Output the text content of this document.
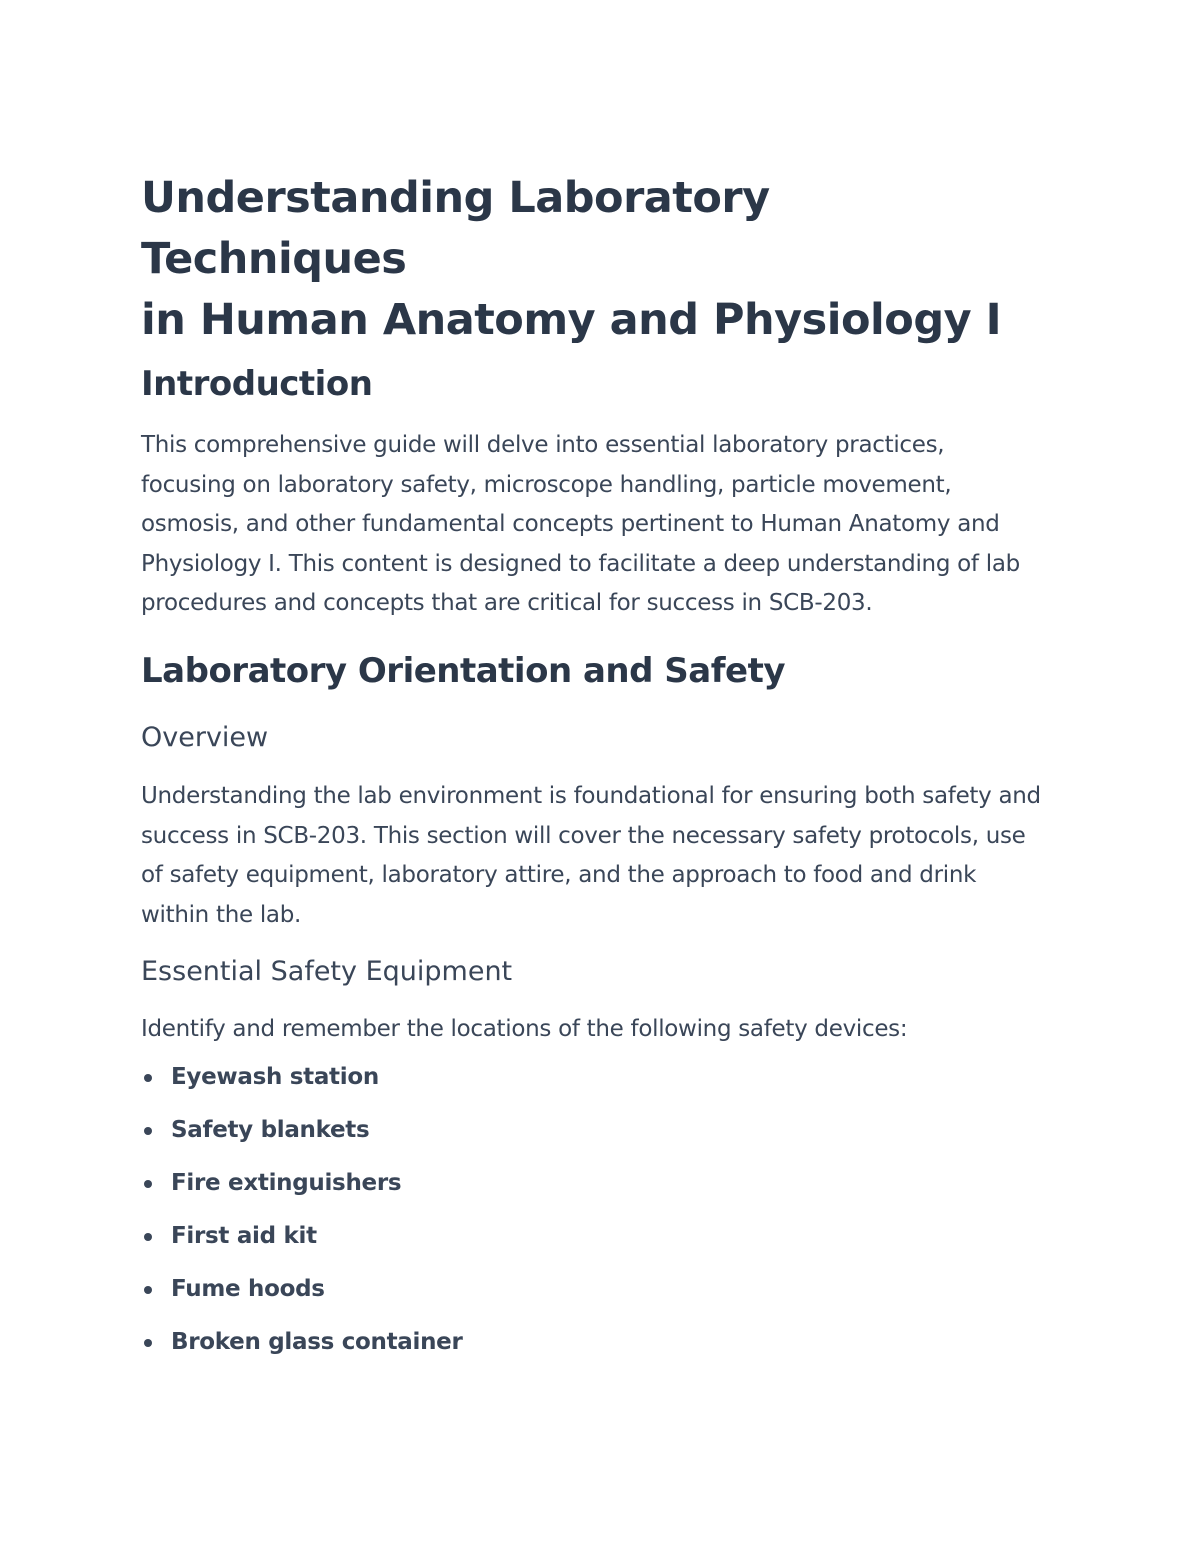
Understanding Laboratory Techniques
in Human Anatomy and Physiology I
Introduction

This comprehensive guide will delve into essential laboratory practices, focusing on laboratory safety, microscope handling, particle movement, osmosis, and other fundamental concepts pertinent to Human Anatomy and Physiology I. This content is designed to facilitate a deep understanding of lab procedures and concepts that are critical for success in SCB-203.

Laboratory Orientation and Safety
Overview

Understanding the lab environment is foundational for ensuring both safety and success in SCB-203. This section will cover the necessary safety protocols, use of safety equipment, laboratory attire, and the approach to food and drink within the lab.

Essential Safety Equipment

Identify and remember the locations of the following safety devices:

Eyewash station
Safety blankets
Fire extinguishers
First aid kit
Fume hoods
Broken glass container
